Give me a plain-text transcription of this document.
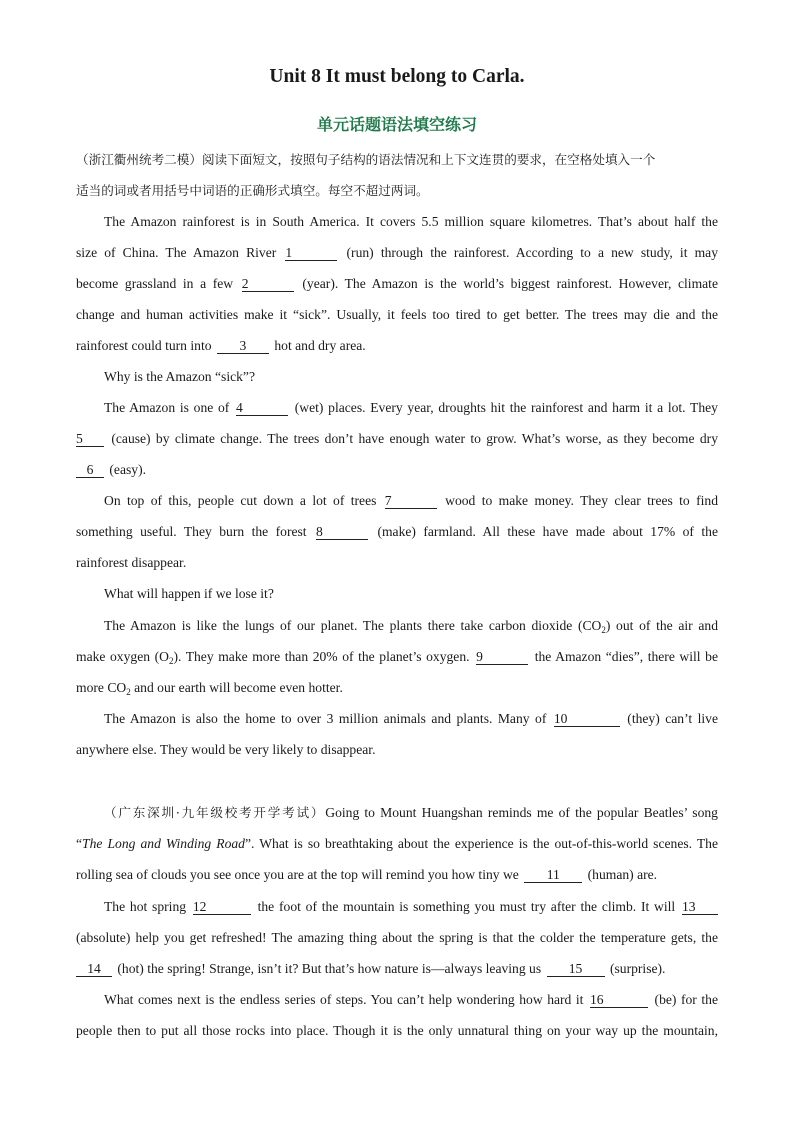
Unit 8 It must belong to Carla.
单元话题语法填空练习
（浙江衢州统考二模）阅读下面短文，按照句子结构的语法情况和上下文连贯的要求，在空格处填入一个
适当的词或者用括号中词语的正确形式填空。每空不超过两词。
The Amazon rainforest is in South America. It covers 5.5 million square kilometres. That’s about half the
size of China. The Amazon River 1	(run) through the rainforest. According to a new study, it may
become grassland in a few 2	(year). The Amazon is the world’s biggest rainforest. However, climate
change and human activities make it “sick”. Usually, it feels too tired to get better. The trees may die and the
rainforest could turn into 3 hot and dry area.
Why is the Amazon “sick”?
The Amazon is one of 4	(wet) places. Every year, droughts hit the rainforest and harm it a lot. They
5 (cause) by climate change. The trees don’t have enough water to grow. What’s worse, as they become dry
6 (easy).
On top of this, people cut down a lot of trees 7	wood to make money. They clear trees to find
something useful. They burn the forest 8	(make) farmland. All these have made about 17% of the
rainforest disappear.
What will happen if we lose it?
The Amazon is like the lungs of our planet. The plants there take carbon dioxide $(CO_2)$ out of the air and
make oxygen $(O_2)$. They make more than 20% of the planet’s oxygen. 9	the Amazon “dies”, there will be
more $CO_2$ and our earth will become even hotter.
The Amazon is also the home to over 3 million animals and plants. Many of 10	(they) can’t live
anywhere else. They would be very likely to disappear.
（广东深圳·九年级校考开学考试）Going to Mount Huangshan reminds me of the popular Beatles’ song
“The Long and Winding Road”. What is so breathtaking about the experience is the out-of-this-world scenes. The
rolling sea of clouds you see once you are at the top will remind you how tiny we 11 (human) are.
The hot spring 12	the foot of the mountain is something you must try after the climb. It will 13
(absolute) help you get refreshed! The amazing thing about the spring is that the colder the temperature gets, the
14 (hot) the spring! Strange, isn’t it? But that’s how nature is—always leaving us 15 (surprise).
What comes next is the endless series of steps. You can’t help wondering how hard it 16	(be) for the
people then to put all those rocks into place. Though it is the only unnatural thing on your way up the mountain,
